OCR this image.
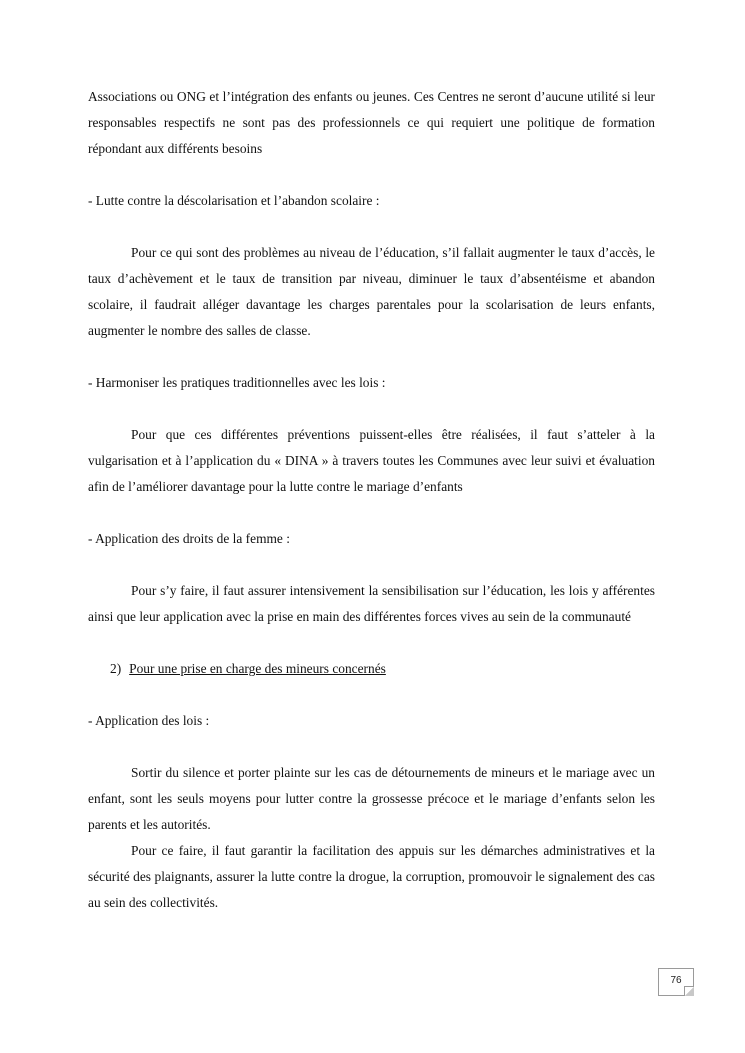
Associations ou ONG et l’intégration des enfants ou jeunes. Ces Centres ne seront d’aucune utilité si leur responsables respectifs ne sont pas des professionnels ce qui requiert une politique de formation répondant aux différents besoins

- Lutte contre la déscolarisation et l’abandon scolaire :

Pour ce qui sont des problèmes au niveau de l’éducation, s’il fallait augmenter le taux d’accès, le taux d’achèvement et le taux de transition par niveau, diminuer le taux d’absentéisme et abandon scolaire, il faudrait alléger davantage les charges parentales pour la scolarisation de leurs enfants, augmenter le nombre des salles de classe.

- Harmoniser les pratiques traditionnelles avec les lois :

Pour que ces différentes préventions puissent-elles être réalisées, il faut s’atteler à la vulgarisation et à l’application du « DINA » à travers toutes les Communes avec leur suivi et évaluation afin de l’améliorer davantage pour la lutte contre le mariage d’enfants

- Application des droits de la femme :

Pour s’y faire, il faut assurer intensivement la sensibilisation sur l’éducation, les lois y afférentes ainsi que leur application avec la prise en main des différentes forces vives au sein de la communauté

2) Pour une prise en charge des mineurs concernés

- Application des lois :

Sortir du silence et porter plainte sur les cas de détournements de mineurs et le mariage avec un enfant, sont les seuls moyens pour lutter contre la grossesse précoce et le mariage d’enfants selon les parents et les autorités.

Pour ce faire, il faut garantir la facilitation des appuis sur les démarches administratives et la sécurité des plaignants, assurer la lutte contre la drogue, la corruption, promouvoir le signalement des cas au sein des collectivités.

76
